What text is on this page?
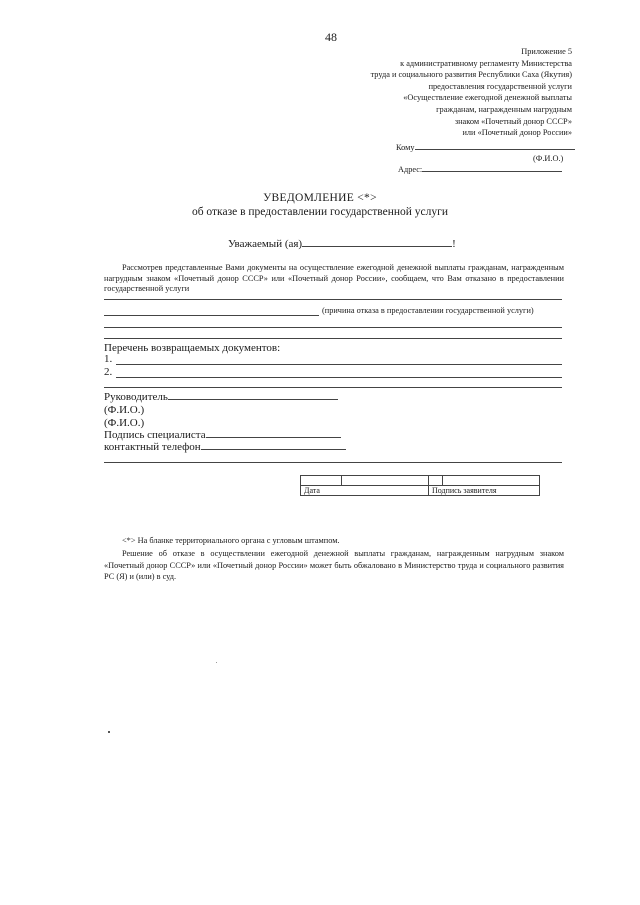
48
Приложение 5
к административному регламенту Министерства
труда и социального развития Республики Саха (Якутия)
предоставления государственной услуги
«Осуществление ежегодной денежной выплаты
гражданам, награжденным нагрудным
знаком «Почетный донор СССР»
или «Почетный донор России»
Кому
(Ф.И.О.)
Адрес:
УВЕДОМЛЕНИЕ <*>
об отказе в предоставлении государственной услуги
Уважаемый (ая)	!
Рассмотрев представленные Вами документы на осуществление ежегодной денежной выплаты гражданам, награжденным нагрудным знаком «Почетный донор СССР» или «Почетный донор России», сообщаем, что Вам отказано в предоставлении государственной услуги
(причина отказа в предоставлении государственной услуги)
Перечень возвращаемых документов:
1.
2.
Руководитель
(Ф.И.О.)
(Ф.И.О.)
Подпись специалиста
контактный телефон

Дата		Подпись заявителя	
<*> На бланке территориального органа с угловым штампом.
Решение об отказе в осуществлении ежегодной денежной выплаты гражданам, награжденным нагрудным знаком «Почетный донор СССР» или «Почетный донор России» может быть обжаловано в Министерство труда и социального развития РС (Я) и (или) в суд.
